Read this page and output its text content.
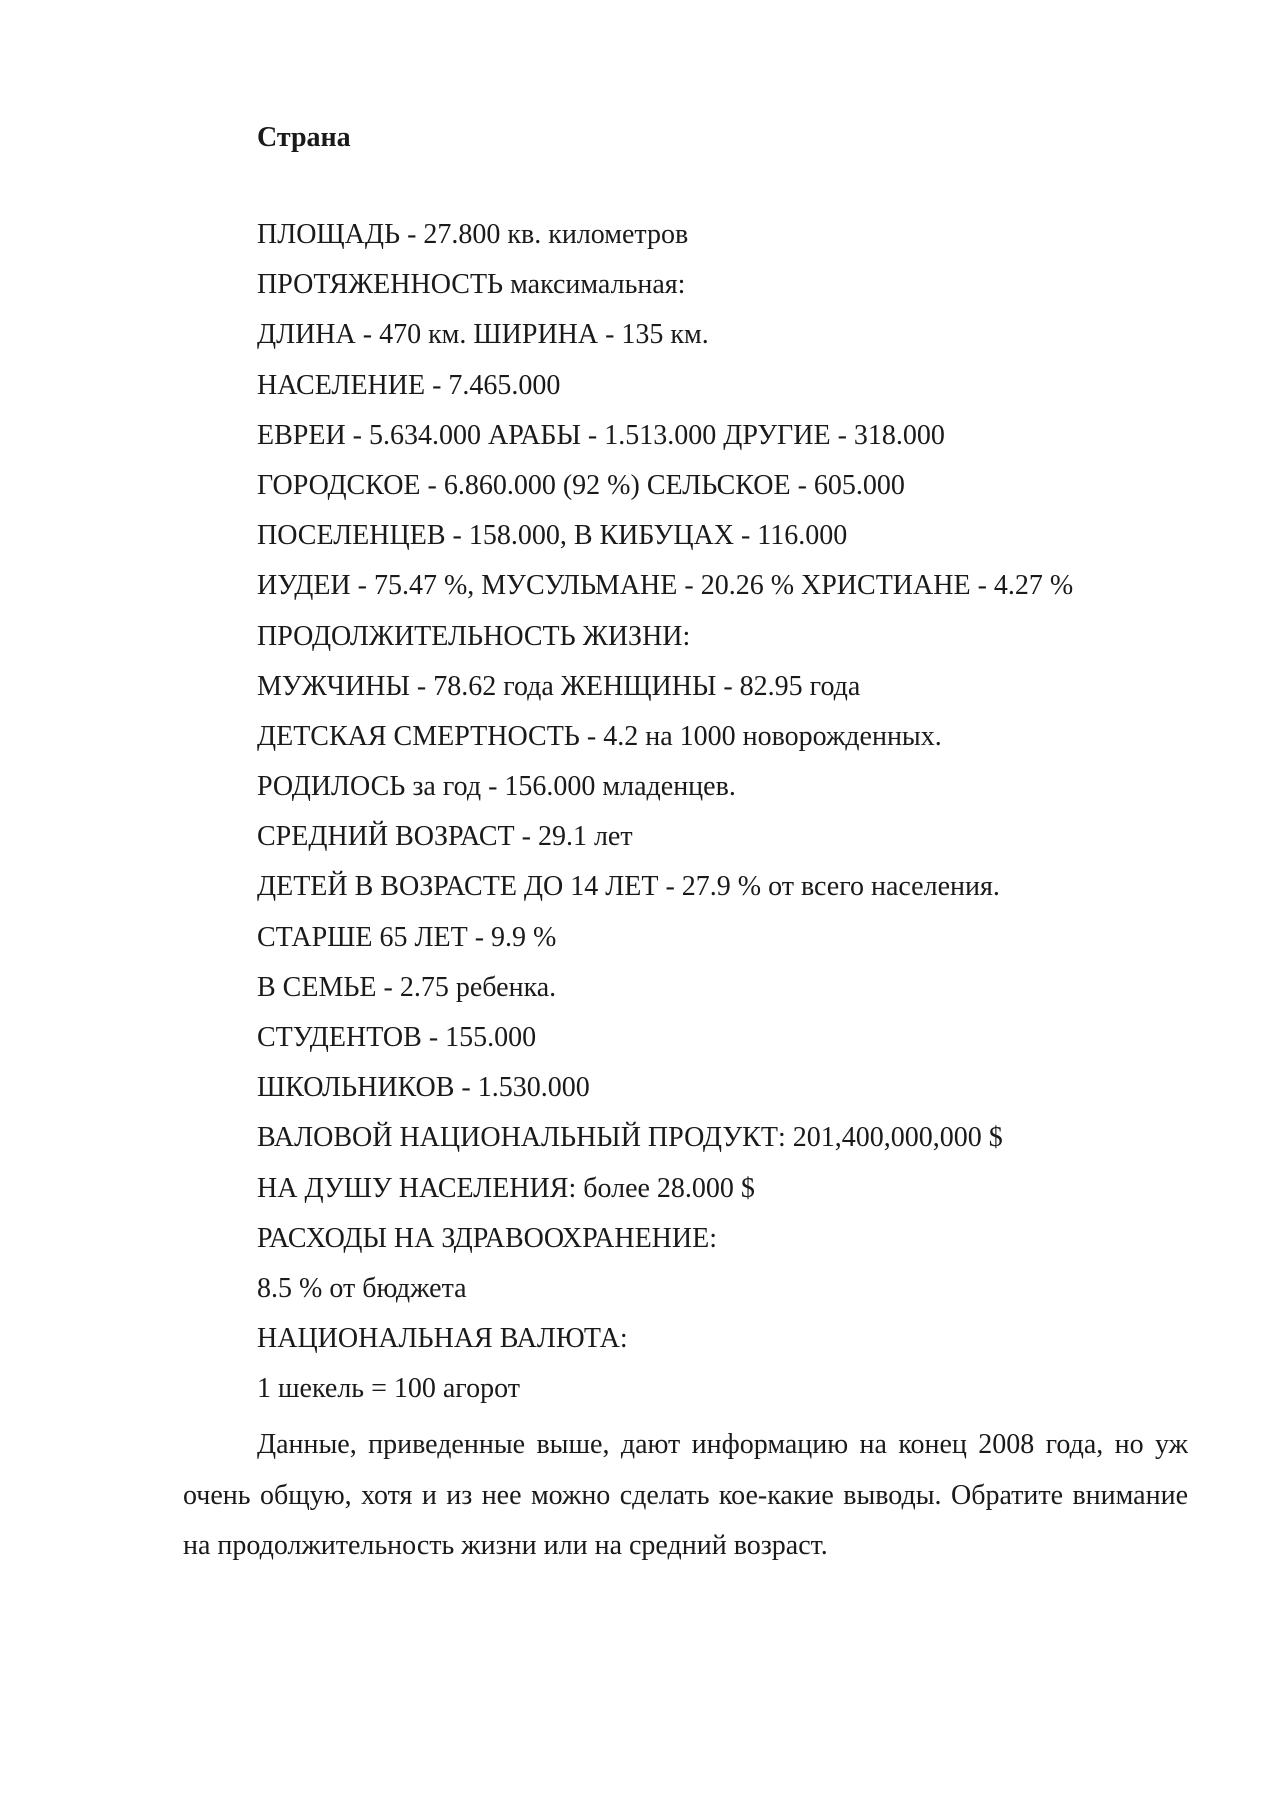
Страна
ПЛОЩАДЬ - 27.800 кв. километров
ПРОТЯЖЕННОСТЬ максимальная:
ДЛИНА - 470 км. ШИРИНА - 135 км.
НАСЕЛЕНИЕ - 7.465.000
ЕВРЕИ - 5.634.000 АРАБЫ - 1.513.000 ДРУГИЕ - 318.000
ГОРОДСКОЕ - 6.860.000 (92 %) СЕЛЬСКОЕ - 605.000
ПОСЕЛЕНЦЕВ - 158.000, В КИБУЦАХ - 116.000
ИУДЕИ - 75.47 %, МУСУЛЬМАНЕ - 20.26 % ХРИСТИАНЕ - 4.27 %
ПРОДОЛЖИТЕЛЬНОСТЬ ЖИЗНИ:
МУЖЧИНЫ - 78.62 года ЖЕНЩИНЫ - 82.95 года
ДЕТСКАЯ СМЕРТНОСТЬ - 4.2 на 1000 новорожденных.
РОДИЛОСЬ за год - 156.000 младенцев.
СРЕДНИЙ ВОЗРАСТ - 29.1 лет
ДЕТЕЙ В ВОЗРАСТЕ ДО 14 ЛЕТ - 27.9 % от всего населения.
СТАРШЕ 65 ЛЕТ - 9.9 %
В СЕМЬЕ - 2.75 ребенка.
СТУДЕНТОВ - 155.000
ШКОЛЬНИКОВ - 1.530.000
ВАЛОВОЙ НАЦИОНАЛЬНЫЙ ПРОДУКТ: 201,400,000,000 $
НА ДУШУ НАСЕЛЕНИЯ: более 28.000 $
РАСХОДЫ НА ЗДРАВООХРАНЕНИЕ:
8.5 % от бюджета
НАЦИОНАЛЬНАЯ ВАЛЮТА:
1 шекель = 100 агорот

Данные, приведенные выше, дают информацию на конец 2008 года, но уж очень общую, хотя и из нее можно сделать кое-какие выводы. Обратите внимание на продолжительность жизни или на средний возраст.
